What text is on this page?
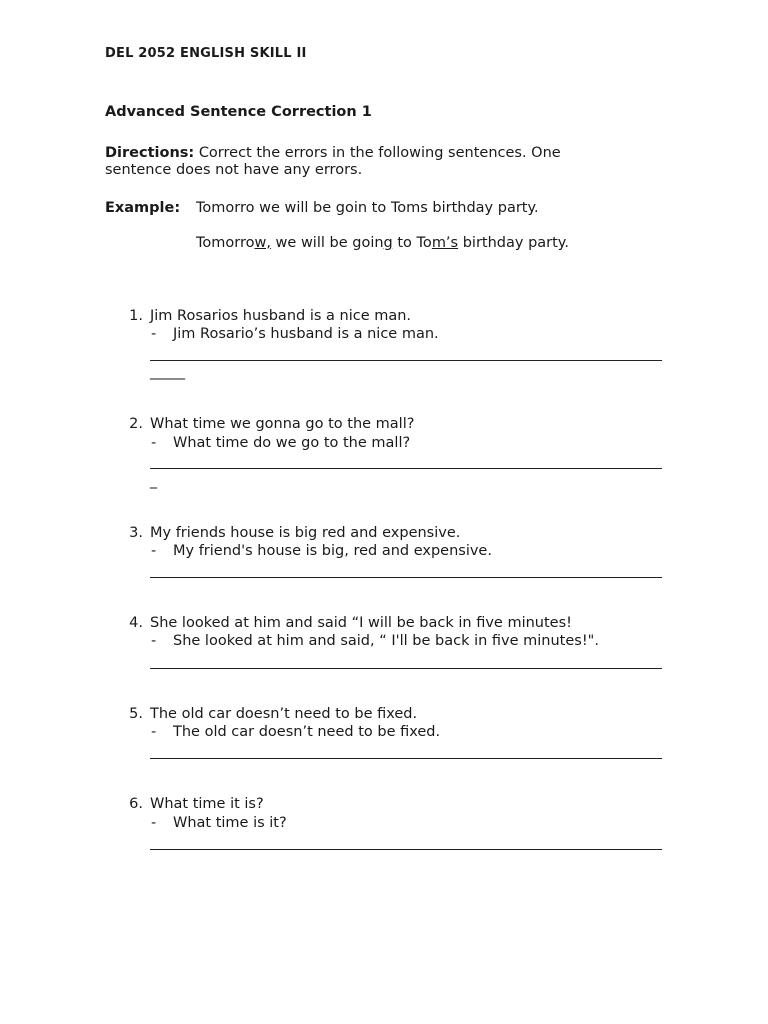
DEL 2052 ENGLISH SKILL II
Advanced Sentence Correction 1
Directions: Correct the errors in the following sentences. One sentence does not have any errors.
Example: Tomorro we will be goin to Toms birthday party.
Tomorrow, we will be going to Tom’s birthday party.
1. Jim Rosarios husband is a nice man.
- Jim Rosario’s husband is a nice man.
_____
2. What time we gonna go to the mall?
- What time do we go to the mall?
_
3. My friends house is big red and expensive.
- My friend's house is big, red and expensive.
4. She looked at him and said “I will be back in five minutes!
- She looked at him and said, “ I'll be back in five minutes!".
5. The old car doesn’t need to be fixed.
- The old car doesn’t need to be fixed.
6. What time it is?
- What time is it?
